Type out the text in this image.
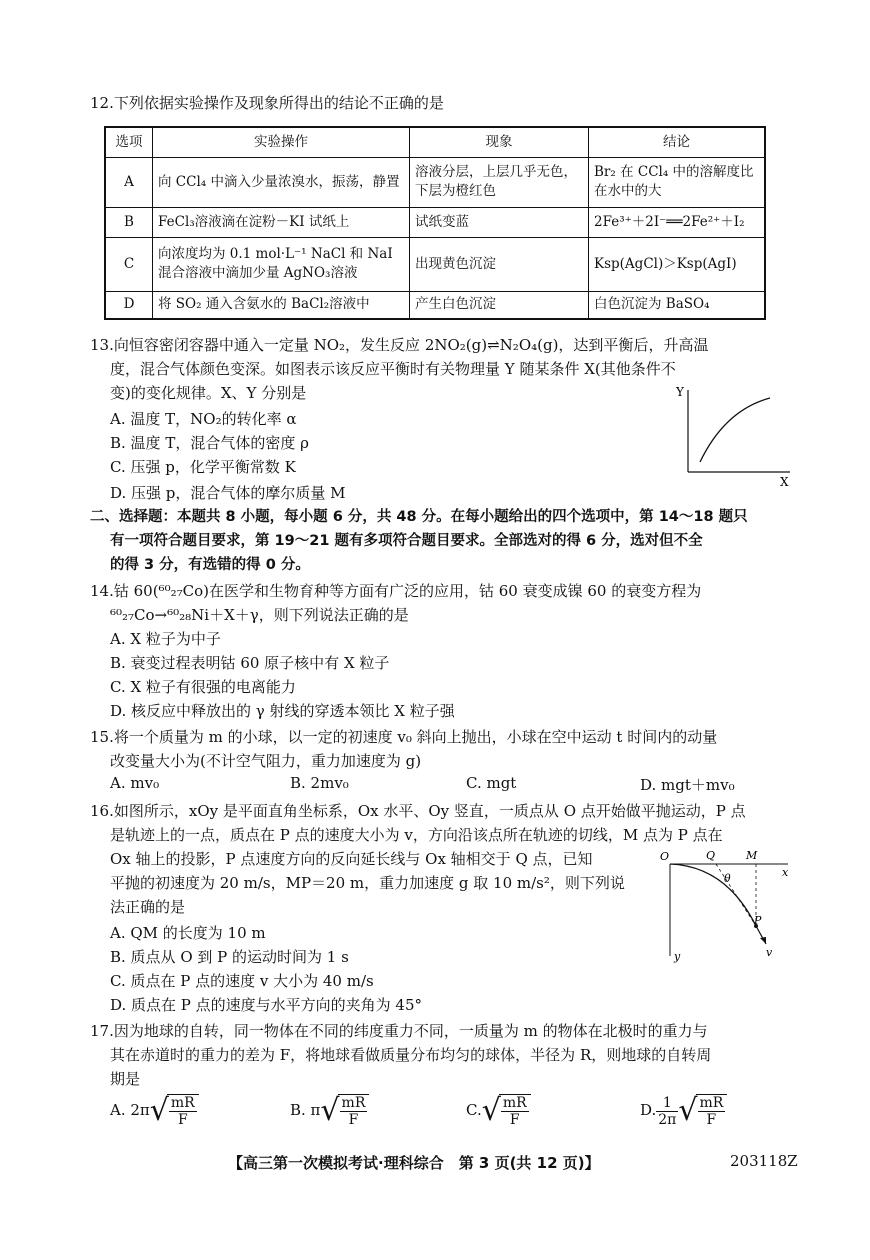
12.下列依据实验操作及现象所得出的结论不正确的是
选项	实验操作	现象	结论
A	向 CCl₄ 中滴入少量浓溴水，振荡，静置	溶液分层，上层几乎无色，下层为橙红色	Br₂ 在 CCl₄ 中的溶解度比在水中的大
B	FeCl₃溶液滴在淀粉－KI 试纸上	试纸变蓝	2Fe³⁺＋2I⁻══2Fe²⁺＋I₂
C	向浓度均为 0.1 mol·L⁻¹ NaCl 和 NaI 混合溶液中滴加少量 AgNO₃溶液	出现黄色沉淀	Ksp(AgCl)＞Ksp(AgI)
D	将 SO₂ 通入含氨水的 BaCl₂溶液中	产生白色沉淀	白色沉淀为 BaSO₄
13.向恒容密闭容器中通入一定量 NO₂，发生反应 2NO₂(g)⇌N₂O₄(g)，达到平衡后，升高温
度，混合气体颜色变深。如图表示该反应平衡时有关物理量 Y 随某条件 X(其他条件不
变)的变化规律。X、Y 分别是
A. 温度 T，NO₂的转化率 α
B. 温度 T，混合气体的密度 ρ
C. 压强 p，化学平衡常数 K
D. 压强 p，混合气体的摩尔质量 M
Y
X
二、选择题：本题共 8 小题，每小题 6 分，共 48 分。在每小题给出的四个选项中，第 14～18 题只
有一项符合题目要求，第 19～21 题有多项符合题目要求。全部选对的得 6 分，选对但不全
的得 3 分，有选错的得 0 分。
14.钴 60(⁶⁰₂₇Co)在医学和生物育种等方面有广泛的应用，钴 60 衰变成镍 60 的衰变方程为
⁶⁰₂₇Co→⁶⁰₂₈Ni＋X＋γ，则下列说法正确的是
A. X 粒子为中子
B. 衰变过程表明钴 60 原子核中有 X 粒子
C. X 粒子有很强的电离能力
D. 核反应中释放出的 γ 射线的穿透本领比 X 粒子强
15.将一个质量为 m 的小球，以一定的初速度 v₀ 斜向上抛出，小球在空中运动 t 时间内的动量
改变量大小为(不计空气阻力，重力加速度为 g)
A. mv₀	B. 2mv₀	C. mgt	D. mgt＋mv₀
16.如图所示，xOy 是平面直角坐标系，Ox 水平、Oy 竖直，一质点从 O 点开始做平抛运动，P 点
是轨迹上的一点，质点在 P 点的速度大小为 v，方向沿该点所在轨迹的切线，M 点为 P 点在
Ox 轴上的投影，P 点速度方向的反向延长线与 Ox 轴相交于 Q 点，已知
平抛的初速度为 20 m/s，MP＝20 m，重力加速度 g 取 10 m/s²，则下列说
法正确的是
A. QM 的长度为 10 m
B. 质点从 O 到 P 的运动时间为 1 s
C. 质点在 P 点的速度 v 大小为 40 m/s
D. 质点在 P 点的速度与水平方向的夹角为 45°
O	Q	M
x
y
θ
P
v
17.因为地球的自转，同一物体在不同的纬度重力不同，一质量为 m 的物体在北极时的重力与
其在赤道时的重力的差为 F，将地球看做质量分布均匀的球体，半径为 R，则地球的自转周
期是
A. $2\pi√ \frac{mR}{F}$	B. $\pi√ \frac{mR}{F}$	$C.√ \frac{mR}{F}$	D. $\frac{1}{2\pi}$ √ $\frac{mR}{F}$
【高三第一次模拟考试·理科综合　第 3 页(共 12 页)】	203118Z
